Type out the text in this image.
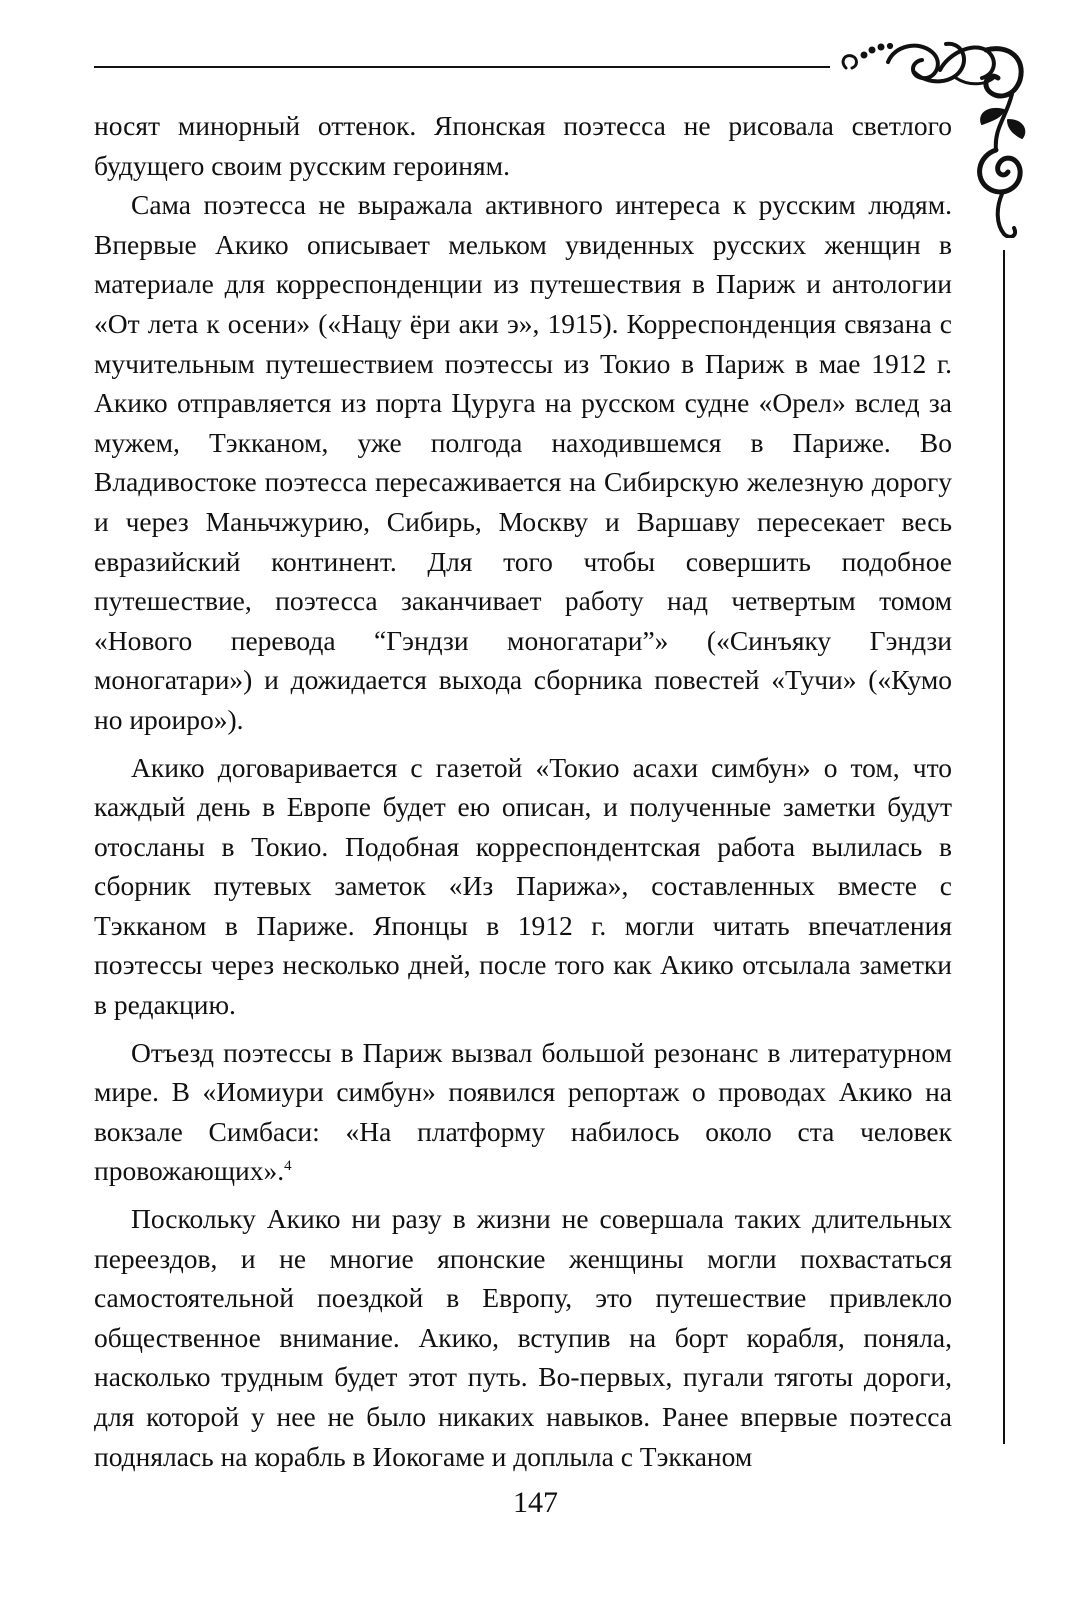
носят минорный оттенок. Японская поэтесса не рисовала светлого будущего своим русским героиням.

Сама поэтесса не выражала активного интереса к русским людям. Впервые Акико описывает мельком увиденных русских женщин в материале для корреспонденции из путешествия в Париж и антологии «От лета к осени» («Нацу ёри аки э», 1915). Корреспонденция связана с мучительным путешествием поэтессы из Токио в Париж в мае 1912 г. Акико отправляется из порта Цуруга на русском судне «Орел» вслед за мужем, Тэкканом, уже полгода находившемся в Париже. Во Владивостоке поэтесса пересаживается на Сибирскую железную дорогу и через Маньчжурию, Сибирь, Москву и Варшаву пересекает весь евразийский континент. Для того чтобы совершить подобное путешествие, поэтесса заканчивает работу над четвертым томом «Нового перевода “Гэндзи моногатари”» («Синъяку Гэндзи моногатари») и дожидается выхода сборника повестей «Тучи» («Кумо но ироиро»).

Акико договаривается с газетой «Токио асахи симбун» о том, что каждый день в Европе будет ею описан, и полученные заметки будут отосланы в Токио. Подобная корреспондентская работа вылилась в сборник путевых заметок «Из Парижа», составленных вместе с Тэкканом в Париже. Японцы в 1912 г. могли читать впечатления поэтессы через несколько дней, после того как Акико отсылала заметки в редакцию.

Отъезд поэтессы в Париж вызвал большой резонанс в литературном мире. В «Иомиури симбун» появился репортаж о проводах Акико на вокзале Симбаси: «На платформу набилось около ста человек провожающих».$^4$

Поскольку Акико ни разу в жизни не совершала таких длительных переездов, и не многие японские женщины могли похвастаться самостоятельной поездкой в Европу, это путешествие привлекло общественное внимание. Акико, вступив на борт корабля, поняла, насколько трудным будет этот путь. Во-первых, пугали тяготы дороги, для которой у нее не было никаких навыков. Ранее впервые поэтесса поднялась на корабль в Иокогаме и доплыла с Тэкканом

147
